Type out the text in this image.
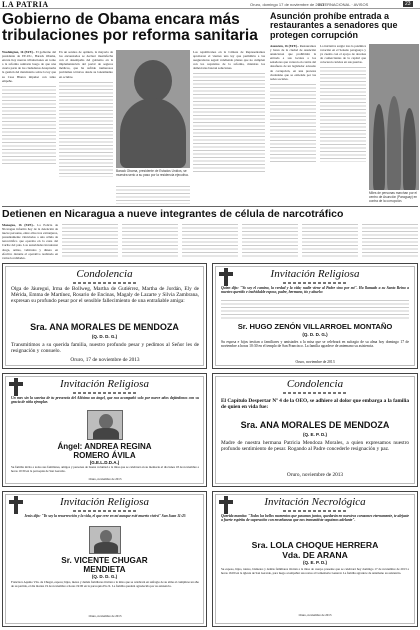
LA PATRIA	Oruro, domingo 17 de noviembre de 2013
INTERNACIONAL · AVISOS	23
Gobierno de Obama encara más tribulaciones por reforma sanitaria
Washington, 16 (EFE).- El gobierno del presidente de EE.UU., Barack Obama, encara hoy nuevas tribulaciones en torno a la reforma sanitaria luego de que una cuarta parte de los ciudadanos desaprueba la gestión del mandatario sobre la ley que su Casa Blanca impulsó con tanto empeño.
En un sondeo de opinión, la mayoría de los encuestados se declaró insatisfecha con el desempeño del gobierno en la implementación del portal de seguros médicos, que ha sufrido numerosos problemas técnicos desde su lanzamiento en octubre.
Barack Obama, presidente de Estados Unidos, se muestra serio a su paso por la residencia ejecutiva.
Los republicanos en la Cámara de Representantes aprobaron el viernes una ley que permitiría a las aseguradoras seguir vendiendo planes que no cumplen con los requisitos de la reforma, mientras los demócratas buscan soluciones.
Asunción prohíbe entrada a restaurantes a senadores que protegen corrupción
Asunción, 16 (EFE).- Restaurantes y bares de la ciudad de Asunción anunciaron que prohibirán la entrada a sus locales a los senadores que votaron en contra del desafuero de un legislador acusado de corrupción, en una protesta ciudadana que se extiende por las redes sociales.
La iniciativa surgió tras la polémica votación en el Senado paraguayo y ya cuenta con el apoyo de decenas de comerciantes de la capital que colocaron carteles en sus puertas.
Miles de personas marchan por el centro de Asunción (Paraguay) en contra de la corrupción.
Detienen en Nicaragua a nueve integrantes de célula de narcotráfico
Managua, 16 (EFE).- La Policía de Nicaragua informó hoy de la detención de nueve personas, entre ellos tres extranjeros, presuntamente vinculados a una célula de narcotráfico que operaba en la zona del Caribe del país. Las autoridades incautaron droga, armas, vehículos y dinero en efectivo durante el operativo realizado en varias localidades.
Condolencia
Olga de Jáuregui, Irma de Bollweg, Martha de Gutiérrez, Martha de Jordán, Ely de Mérida, Emma de Martínez, Rosario de Encinas, Magaly de Lazarte y Silvia Zambrana, expresan su profundo pesar por el sensible fallecimiento de una entrañable amiga:
Sra. ANA MORALES DE MENDOZA
(Q. D. D. G.)
Transmitimos a su querida familia, nuestro profundo pesar y pedimos al Señor les de resignación y consuelo.
Oruro, 17 de noviembre de 2013
Invitación Religiosa
Quien dijo: "Yo soy el camino, la verdad y la vida; nadie viene al Padre sino por mí". Ha llamado a su Santo Reino a nuestro querido e inolvidable esposo, padre, hermano, tío y abuelo:
Sr. HUGO ZENÓN VILLARROEL MONTAÑO
(Q. D. D. G.)
Su esposa e hijos invitan a familiares y amistades a la misa que se celebrará en sufragio de su alma hoy domingo 17 de noviembre a horas 10:30 en el templo de San Francisco. La familia agradece de antemano su asistencia.
Oruro, noviembre de 2013
Invitación Religiosa
Un mes sin la sonrisa de tu presencia del Altísimo un ángel, que nos acompañó solo por nueve años dejándonos con su gracia de niña ejemplar.
Ángel: ANDREA REGINA
ROMERO ÁVILA
(G.E.L.D.D.A.)
Su familia invita a todos sus familiares, amigos y personas de buena voluntad a la misa que se celebrará en su memoria el día lunes 18 de noviembre a horas 10:30 en la parroquia de San Gerardo.
Oruro, noviembre de 2013
Condolencia
El Capítulo Despertar Nº 4 de la OEO, se adhiere al dolor que embarga a la familia de quien en vida fue:
Sra. ANA MORALES DE MENDOZA
(Q. E. P. D.)
Madre de nuestra hermana Patricia Mendoza Morales, a quien expresamos nuestro profundo sentimiento de pesar. Rogando al Padre concederle resignación y paz.
Oruro, noviembre de 2013
Invitación Religiosa
Jesús dijo: "Yo soy la resurrección y la vida, el que cree en mí aunque esté muerto vivirá" San Juan 11:25
Sr. VICENTE CHUGAR
MENDIETA
(Q. D. D. G.)
Francisca Aquino Vda. de Chugar, esposa; hijos, nietos y demás familiares invitan a la misa que se celebrará en sufragio de su alma al cumplirse un año de su partida, el día martes 19 de noviembre a horas 19:00 en la parroquia Pio X. La familia quedará agradecida por su asistencia.
Oruro, noviembre de 2013
Invitación Necrológica
Querida mamita: "Todos los bellos momentos que pasamos juntos, quedarán en nuestros corazones eternamente, te alejaste a fuerte espíritu de superación con enseñanzas que nos transmitiste seguimos adelante".
Sra. LOLA CHOQUE HERRERA
Vda. DE ARANA
(Q. E. P. D.)
Su esposo, hijos, nietos, bisnietos y demás familiares invitan a la misa de cuerpo presente que se celebrará hoy domingo 17 de noviembre de 2013 a horas 16:00 en la iglesia de San Gerardo, para luego acompañar sus restos al Cementerio General. La familia agradece de antemano su asistencia.
Oruro, noviembre de 2013
